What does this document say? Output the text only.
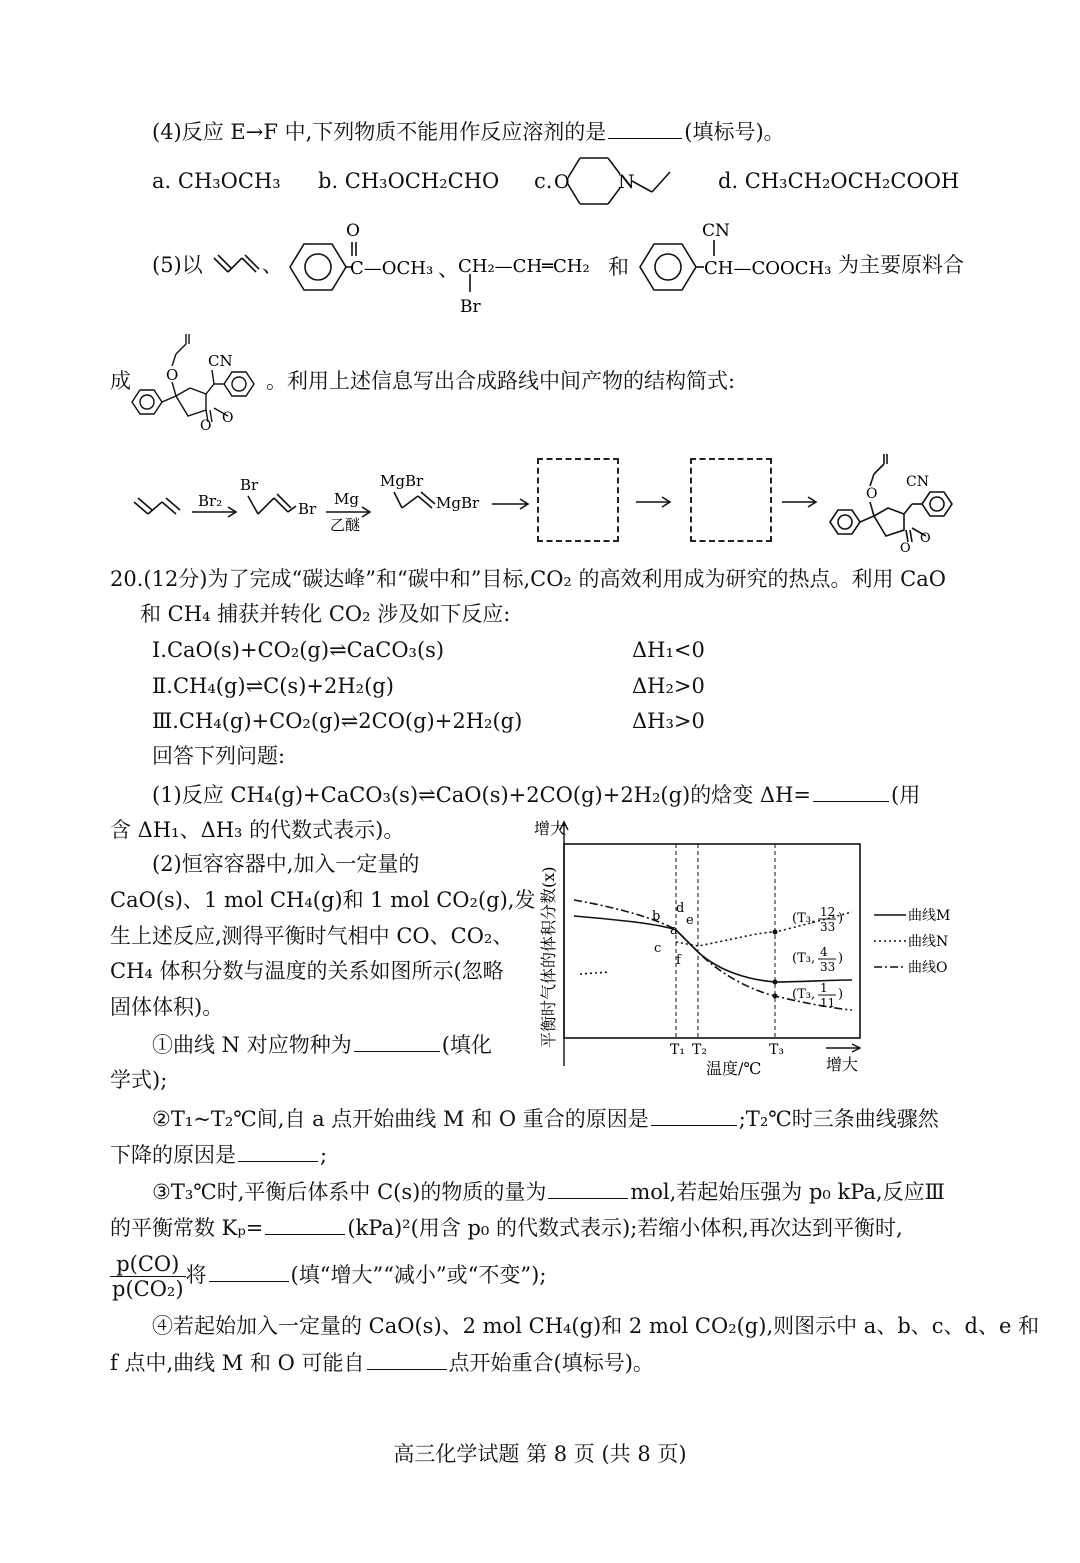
(4)反应 E→F 中,下列物质不能用作反应溶剂的是	(填标号)。
a. CH₃OCH₃ b. CH₃OCH₂CHO c. O	N	d. CH₃CH₂OCH₂COOH
(5)以	、
O
C—OCH₃ 、 CH₂—CH═CH₂
Br
和
CN
CH—COOCH₃ 为主要原料合
成 O
CN
O O
。利用上述信息写出合成路线中间产物的结构简式:
Br₂
Br
Br
Mg
乙醚
MgBr
MgBr	O
CN
O
O
20.(12分)为了完成“碳达峰”和“碳中和”目标,CO₂ 的高效利用成为研究的热点。利用 CaO
和 CH₄ 捕获并转化 CO₂ 涉及如下反应:
Ⅰ.CaO(s)+CO₂(g)⇌CaCO₃(s)	ΔH₁<0
Ⅱ.CH₄(g)⇌C(s)+2H₂(g)	ΔH₂>0
Ⅲ.CH₄(g)+CO₂(g)⇌2CO(g)+2H₂(g)	ΔH₃>0
回答下列问题:
(1)反应 CH₄(g)+CaCO₃(s)⇌CaO(s)+2CO(g)+2H₂(g)的焓变 ΔH=	(用
含 ΔH₁、ΔH₃ 的代数式表示)。
(2)恒容容器中,加入一定量的
CaO(s)、1 mol CH₄(g)和 1 mol CO₂(g),发
生上述反应,测得平衡时气相中 CO、CO₂、
CH₄ 体积分数与温度的关系如图所示(忽略
固体体积)。
①曲线 N 对应物种为	(填化
学式);
增大
平衡时气体的体积分数(x)
T₁ T₂	T₃
温度/℃	增大
(T₃, 12
33
)
(T₃, 4
33
)
(T₃, 1
11
)
a
b
c
d
e
f
曲线M
曲线N
曲线O
②T₁~T₂℃间,自 a 点开始曲线 M 和 O 重合的原因是	;T₂℃时三条曲线骤然
下降的原因是	;
③T₃℃时,平衡后体系中 C(s)的物质的量为	mol,若起始压强为 p₀ kPa,反应Ⅲ
的平衡常数 Kₚ=	(kPa)²(用含 p₀ 的代数式表示);若缩小体积,再次达到平衡时,
$\frac{p(CO)}{\text{p(CO₂)}}$ 将	(填“增大”“减小”或“不变”);
④若起始加入一定量的 CaO(s)、2 mol CH₄(g)和 2 mol CO₂(g),则图示中 a、b、c、d、e 和
f 点中,曲线 M 和 O 可能自	点开始重合(填标号)。
高三化学试题 第 8 页 (共 8 页)
